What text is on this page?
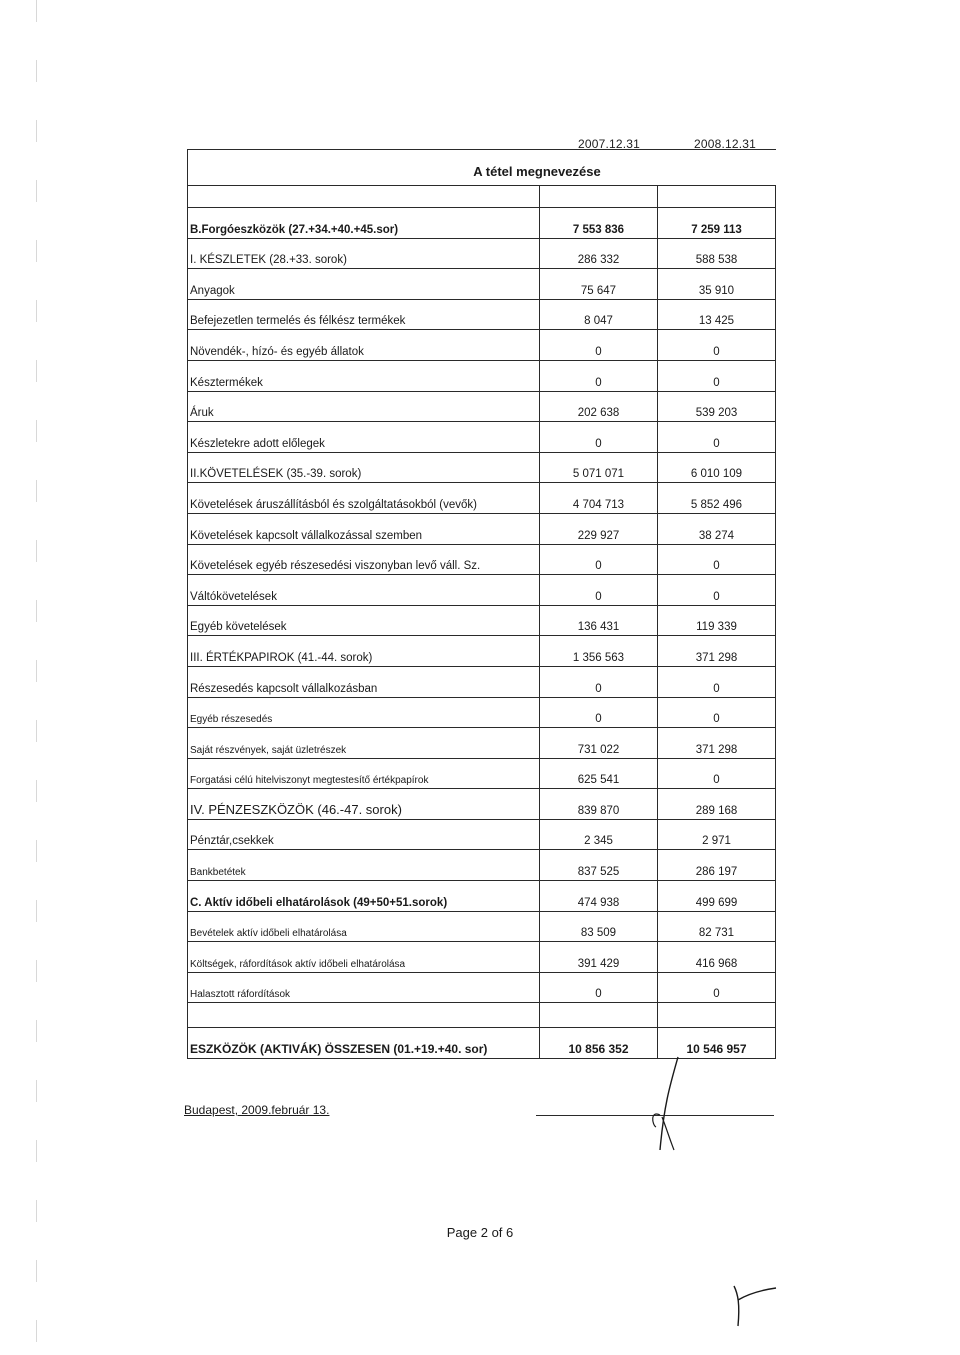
2007.12.31	2008.12.31

B.Forgóeszközök (27.+34.+40.+45.sor)	7 553 836	7 259 113
I. KÉSZLETEK (28.+33. sorok)	286 332	588 538
Anyagok	75 647	35 910
Befejezetlen termelés és félkész termékek	8 047	13 425
Növendék-, hízó- és egyéb állatok	0	0
Késztermékek	0	0
Áruk	202 638	539 203
Készletekre adott előlegek	0	0
II.KÖVETELÉSEK (35.-39. sorok)	5 071 071	6 010 109
Követelések áruszállításból és szolgáltatásokból (vevők)	4 704 713	5 852 496
Követelések kapcsolt vállalkozással szemben	229 927	38 274
Követelések egyéb részesedési viszonyban levő váll. Sz.	0	0
Váltókövetelések	0	0
Egyéb követelések	136 431	119 339
III. ÉRTÉKPAPIROK (41.-44. sorok)	1 356 563	371 298
Részesedés kapcsolt vállalkozásban	0	0
Egyéb részesedés	0	0
Saját részvények, saját üzletrészek	731 022	371 298
Forgatási célú hitelviszonyt megtestesítő értékpapírok	625 541	0
IV. PÉNZESZKÖZÖK (46.-47. sorok)	839 870	289 168
Pénztár,csekkek	2 345	2 971
Bankbetétek	837 525	286 197
C. Aktív időbeli elhatárolások (49+50+51.sorok)	474 938	499 699
Bevételek aktív időbeli elhatárolása	83 509	82 731
Költségek, ráfordítások aktív időbeli elhatárolása	391 429	416 968
Halasztott ráfordítások	0	0

ESZKÖZÖK (AKTIVÁK) ÖSSZESEN (01.+19.+40. sor)	10 856 352	10 546 957
A tétel megnevezése
Budapest, 2009.február 13.
Page 2 of 6
